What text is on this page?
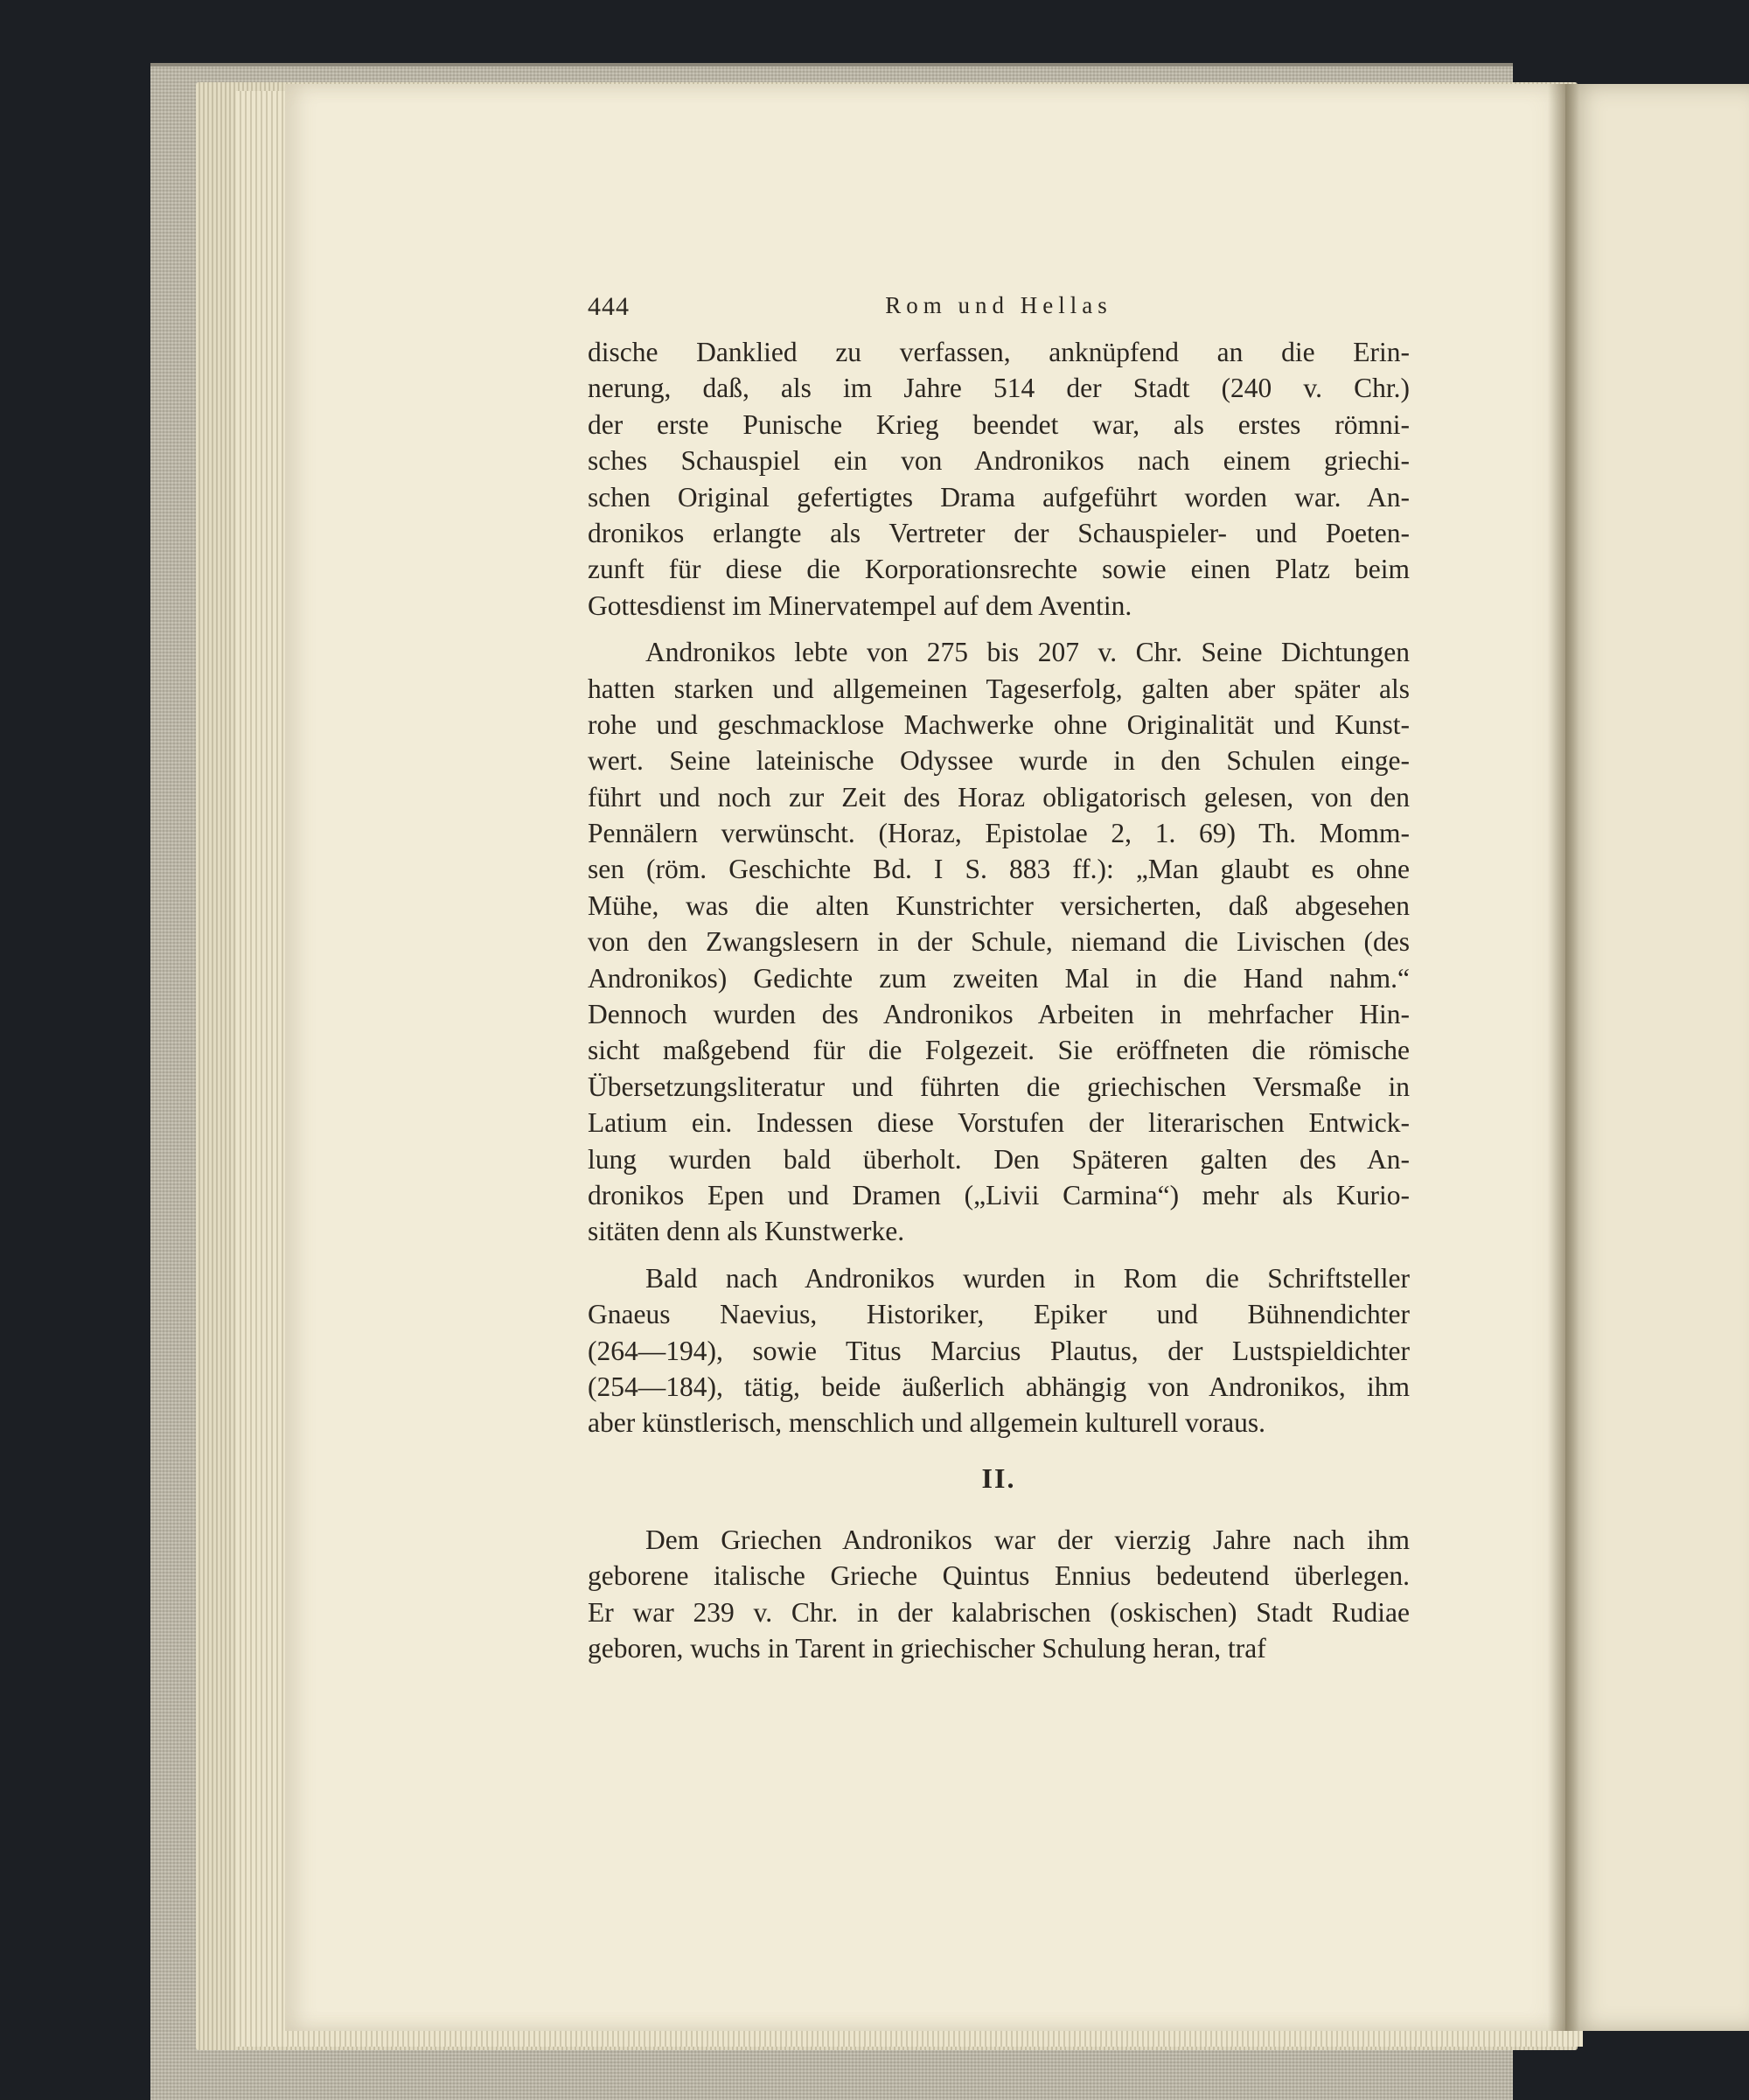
444	Rom und Hellas
dische Danklied zu verfassen, anknüpfend an die Erin-
nerung, daß, als im Jahre 514 der Stadt (240 v. Chr.)
der erste Punische Krieg beendet war, als erstes römni-
sches Schauspiel ein von Andronikos nach einem griechi-
schen Original gefertigtes Drama aufgeführt worden war. An-
dronikos erlangte als Vertreter der Schauspieler- und Poeten-
zunft für diese die Korporationsrechte sowie einen Platz beim
Gottesdienst im Minervatempel auf dem Aventin.
Andronikos lebte von 275 bis 207 v. Chr. Seine Dichtungen
hatten starken und allgemeinen Tageserfolg, galten aber später als
rohe und geschmacklose Machwerke ohne Originalität und Kunst-
wert. Seine lateinische Odyssee wurde in den Schulen einge-
führt und noch zur Zeit des Horaz obligatorisch gelesen, von den
Pennälern verwünscht. (Horaz, Epistolae 2, 1. 69) Th. Momm-
sen (röm. Geschichte Bd. I S. 883 ff.): „Man glaubt es ohne
Mühe, was die alten Kunstrichter versicherten, daß abgesehen
von den Zwangslesern in der Schule, niemand die Livischen (des
Andronikos) Gedichte zum zweiten Mal in die Hand nahm.“
Dennoch wurden des Andronikos Arbeiten in mehrfacher Hin-
sicht maßgebend für die Folgezeit. Sie eröffneten die römische
Übersetzungsliteratur und führten die griechischen Versmaße in
Latium ein. Indessen diese Vorstufen der literarischen Entwick-
lung wurden bald überholt. Den Späteren galten des An-
dronikos Epen und Dramen („Livii Carmina“) mehr als Kurio-
sitäten denn als Kunstwerke.
Bald nach Andronikos wurden in Rom die Schriftsteller
Gnaeus Naevius, Historiker, Epiker und Bühnendichter
(264—194), sowie Titus Marcius Plautus, der Lustspieldichter
(254—184), tätig, beide äußerlich abhängig von Andronikos, ihm
aber künstlerisch, menschlich und allgemein kulturell voraus.
II.
Dem Griechen Andronikos war der vierzig Jahre nach ihm
geborene italische Grieche Quintus Ennius bedeutend überlegen.
Er war 239 v. Chr. in der kalabrischen (oskischen) Stadt Rudiae
geboren, wuchs in Tarent in griechischer Schulung heran, traf
